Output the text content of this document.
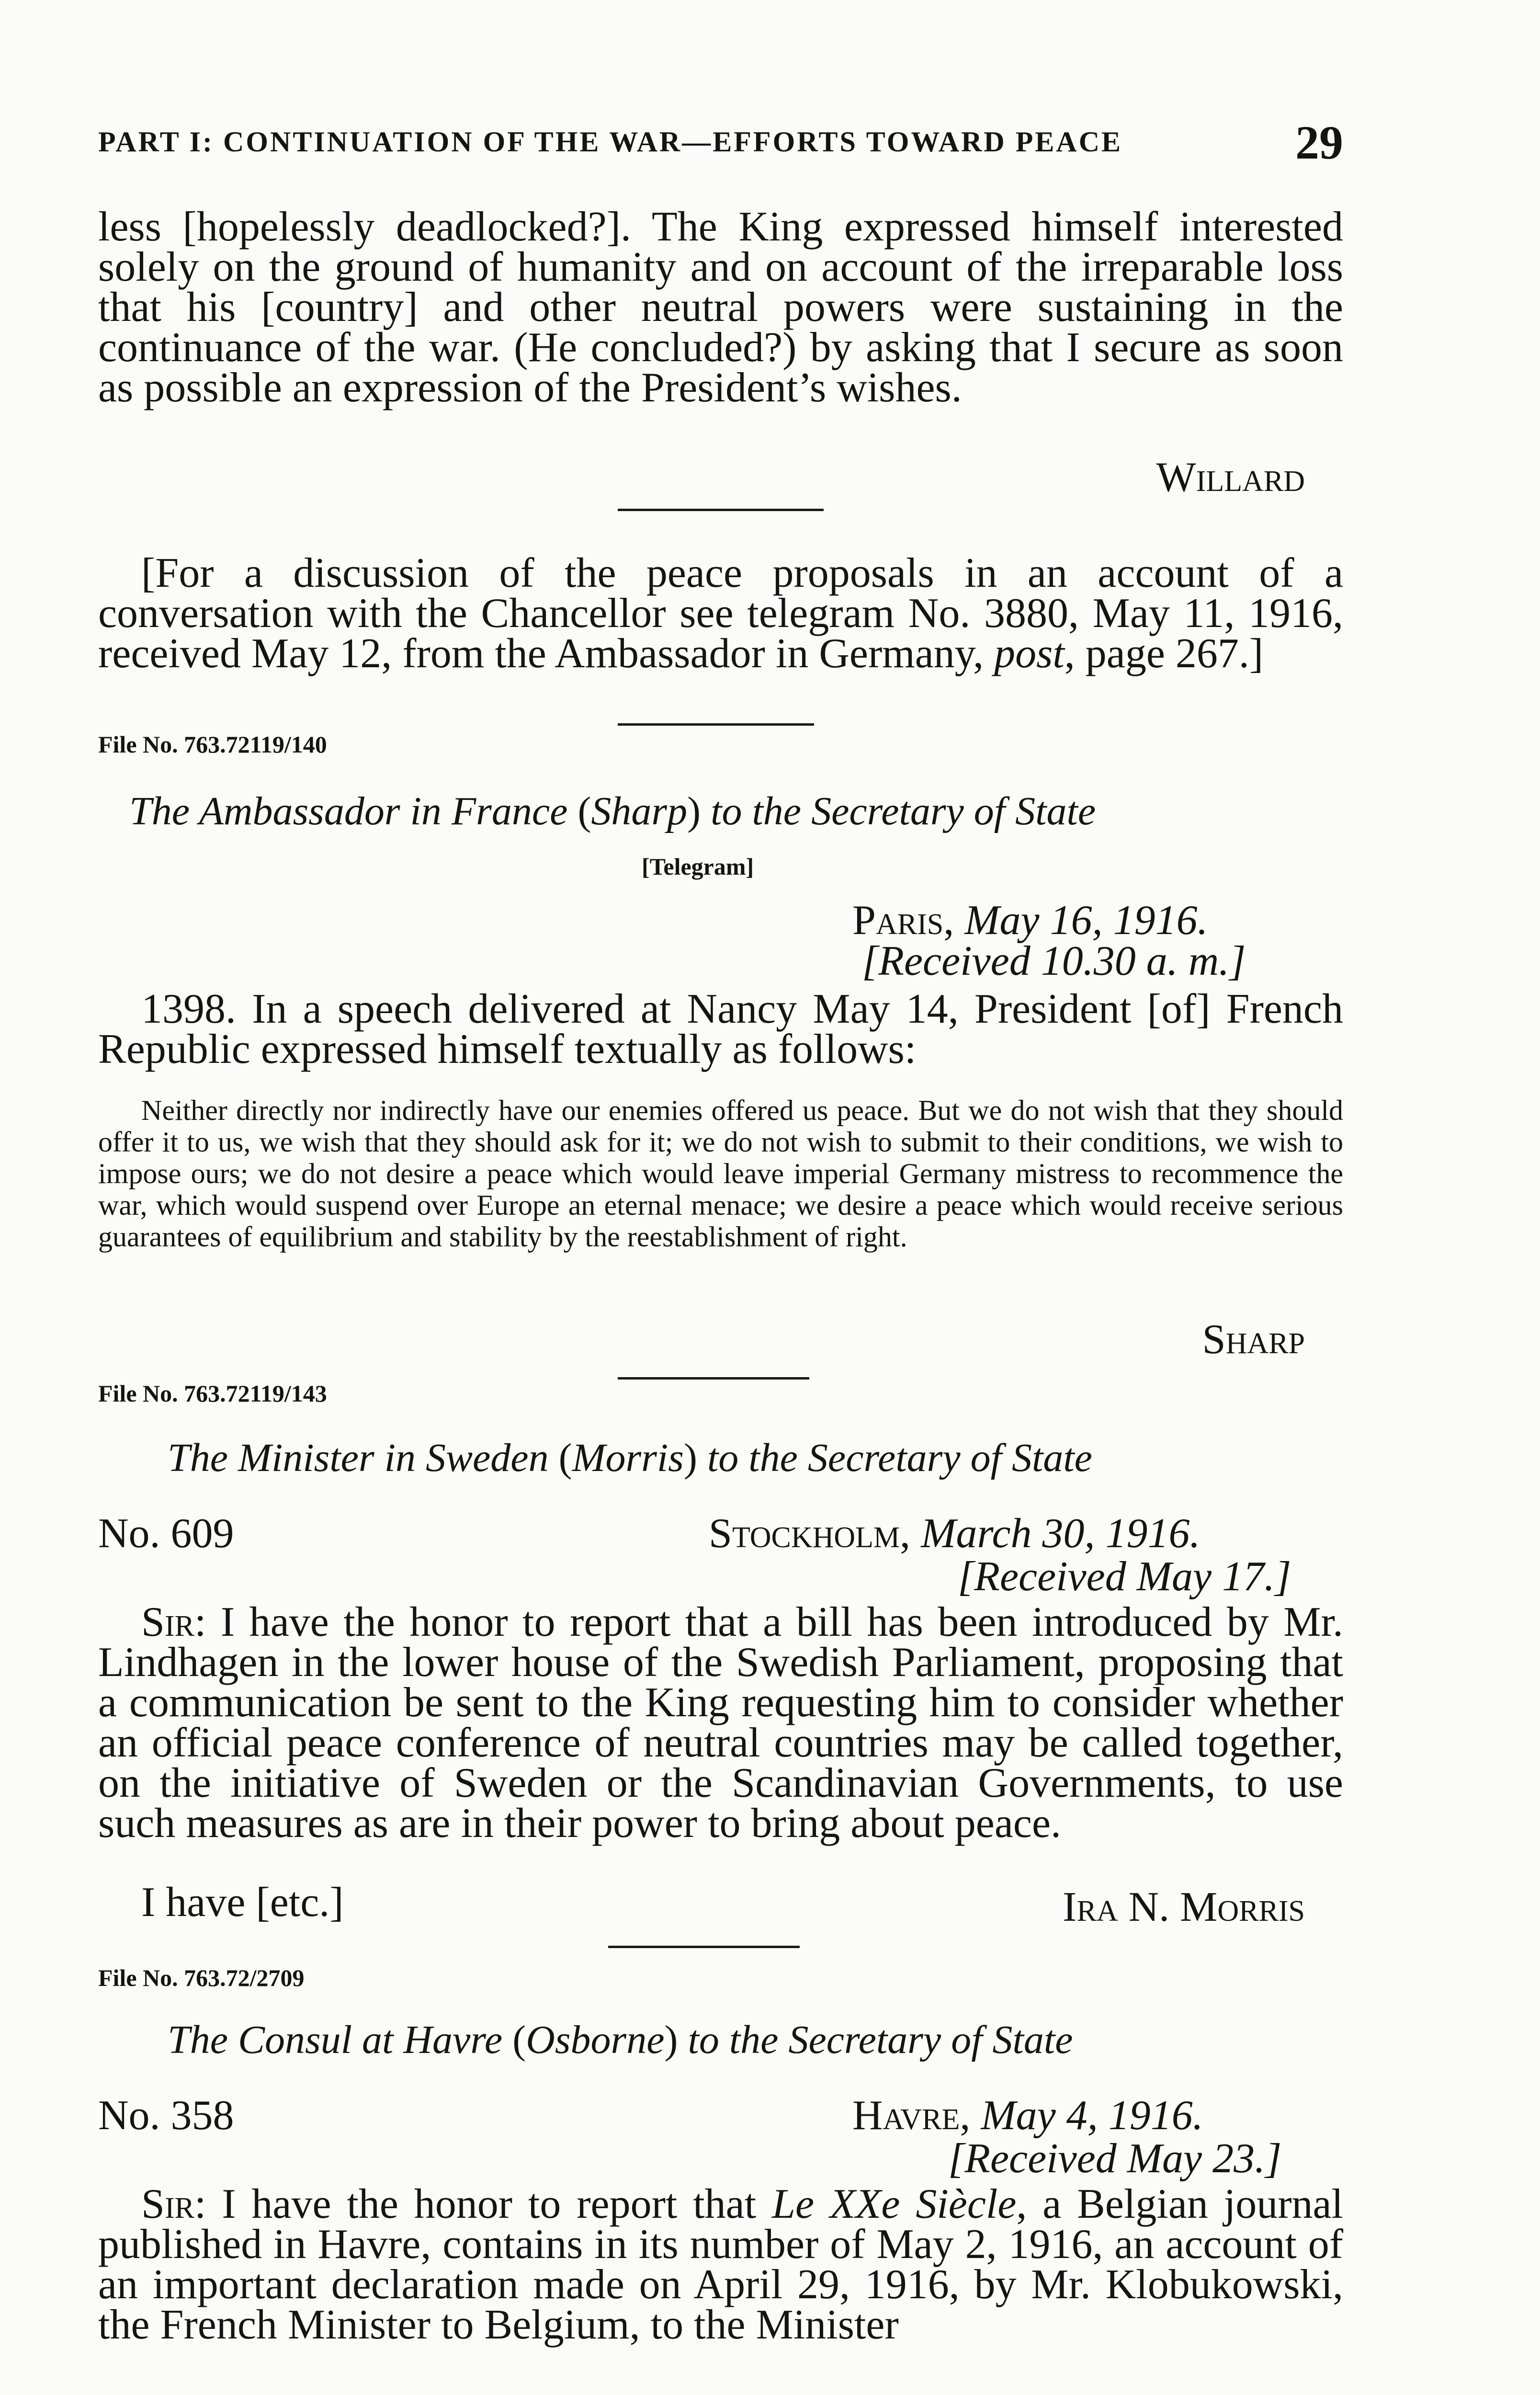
PART I: CONTINUATION OF THE WAR—EFFORTS TOWARD PEACE	29

less [hopelessly deadlocked?]. The King expressed himself interested solely on the ground of humanity and on account of the irreparable loss that his [country] and other neutral powers were sustaining in the continuance of the war. (He concluded?) by asking that I secure as soon as possible an expression of the President’s wishes.

Willard

[For a discussion of the peace proposals in an account of a conversation with the Chancellor see telegram No. 3880, May 11, 1916, received May 12, from the Ambassador in Germany, post, page 267.]

File No. 763.72119/140
The Ambassador in France (Sharp) to the Secretary of State
[Telegram]
Paris, May 16, 1916.
[Received 10.30 a. m.]

1398. In a speech delivered at Nancy May 14, President [of] French Republic expressed himself textually as follows:

Neither directly nor indirectly have our enemies offered us peace. But we do not wish that they should offer it to us, we wish that they should ask for it; we do not wish to submit to their conditions, we wish to impose ours; we do not desire a peace which would leave imperial Germany mistress to recommence the war, which would suspend over Europe an eternal menace; we desire a peace which would receive serious guarantees of equilibrium and stability by the reestablishment of right.

Sharp
File No. 763.72119/143
The Minister in Sweden (Morris) to the Secretary of State
No. 609	Stockholm, March 30, 1916.
[Received May 17.]

Sir: I have the honor to report that a bill has been introduced by Mr. Lindhagen in the lower house of the Swedish Parliament, proposing that a communication be sent to the King requesting him to consider whether an official peace conference of neutral countries may be called together, on the initiative of Sweden or the Scandinavian Governments, to use such measures as are in their power to bring about peace.

I have [etc.]	Ira N. Morris
File No. 763.72/2709
The Consul at Havre (Osborne) to the Secretary of State
No. 358	Havre, May 4, 1916.
[Received May 23.]

Sir: I have the honor to report that Le XXe Siècle, a Belgian journal published in Havre, contains in its number of May 2, 1916, an account of an important declaration made on April 29, 1916, by Mr. Klobukowski, the French Minister to Belgium, to the Minister
